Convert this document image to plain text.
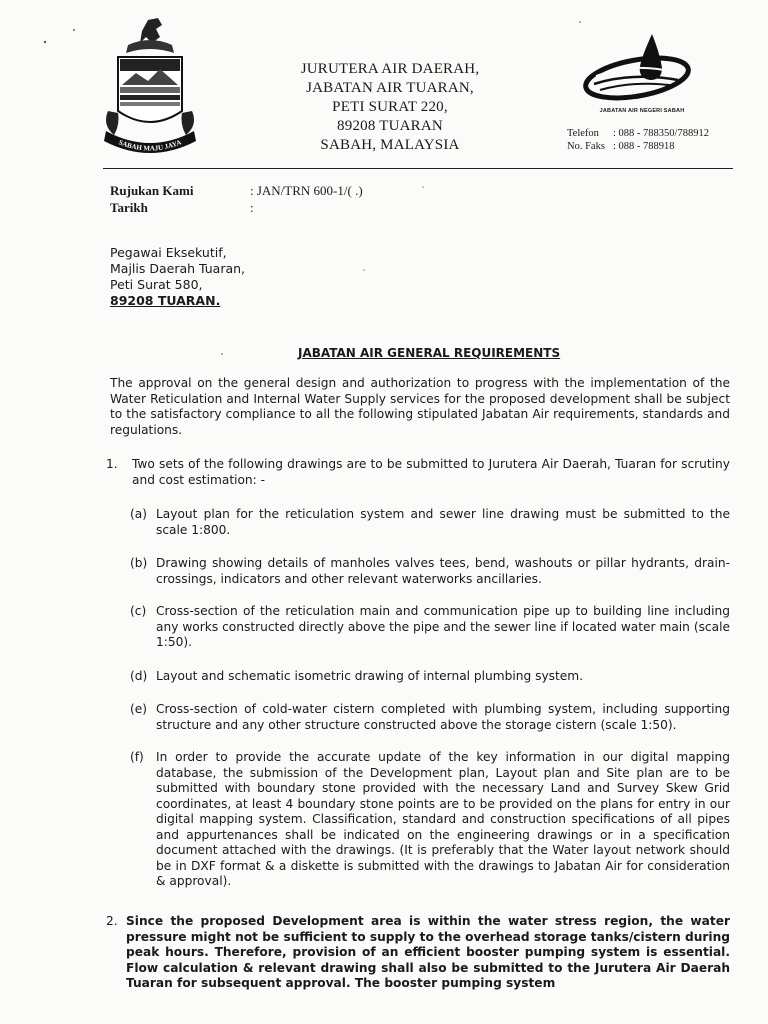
SABAH MAJU JAYA
JURUTERA AIR DAERAH,
JABATAN AIR TUARAN,
PETI SURAT 220,
89208 TUARAN
SABAH, MALAYSIA
JABATAN AIR NEGERI SABAH
Telefon : 088 - 788350/788912
No. Faks : 088 - 788918
Rujukan Kami	: JAN/TRN 600-1/( .)
Tarikh	:
Pegawai Eksekutif,
Majlis Daerah Tuaran,
Peti Surat 580,
89208 TUARAN.
JABATAN AIR GENERAL REQUIREMENTS
The approval on the general design and authorization to progress with the implementation of the Water Reticulation and Internal Water Supply services for the proposed development shall be subject to the satisfactory compliance to all the following stipulated Jabatan Air requirements, standards and regulations.
1. Two sets of the following drawings are to be submitted to Jurutera Air Daerah, Tuaran for scrutiny and cost estimation: -
(a) Layout plan for the reticulation system and sewer line drawing must be submitted to the scale 1:800.
(b) Drawing showing details of manholes valves tees, bend, washouts or pillar hydrants, drain-crossings, indicators and other relevant waterworks ancillaries.
(c) Cross-section of the reticulation main and communication pipe up to building line including any works constructed directly above the pipe and the sewer line if located water main (scale 1:50).
(d) Layout and schematic isometric drawing of internal plumbing system.
(e) Cross-section of cold-water cistern completed with plumbing system, including supporting structure and any other structure constructed above the storage cistern (scale 1:50).
(f) In order to provide the accurate update of the key information in our digital mapping database, the submission of the Development plan, Layout plan and Site plan are to be submitted with boundary stone provided with the necessary Land and Survey Skew Grid coordinates, at least 4 boundary stone points are to be provided on the plans for entry in our digital mapping system. Classification, standard and construction specifications of all pipes and appurtenances shall be indicated on the engineering drawings or in a specification document attached with the drawings. (It is preferably that the Water layout network should be in DXF format & a diskette is submitted with the drawings to Jabatan Air for consideration & approval).
2. Since the proposed Development area is within the water stress region, the water pressure might not be sufficient to supply to the overhead storage tanks/cistern during peak hours. Therefore, provision of an efficient booster pumping system is essential. Flow calculation & relevant drawing shall also be submitted to the Jurutera Air Daerah Tuaran for subsequent approval. The booster pumping system
